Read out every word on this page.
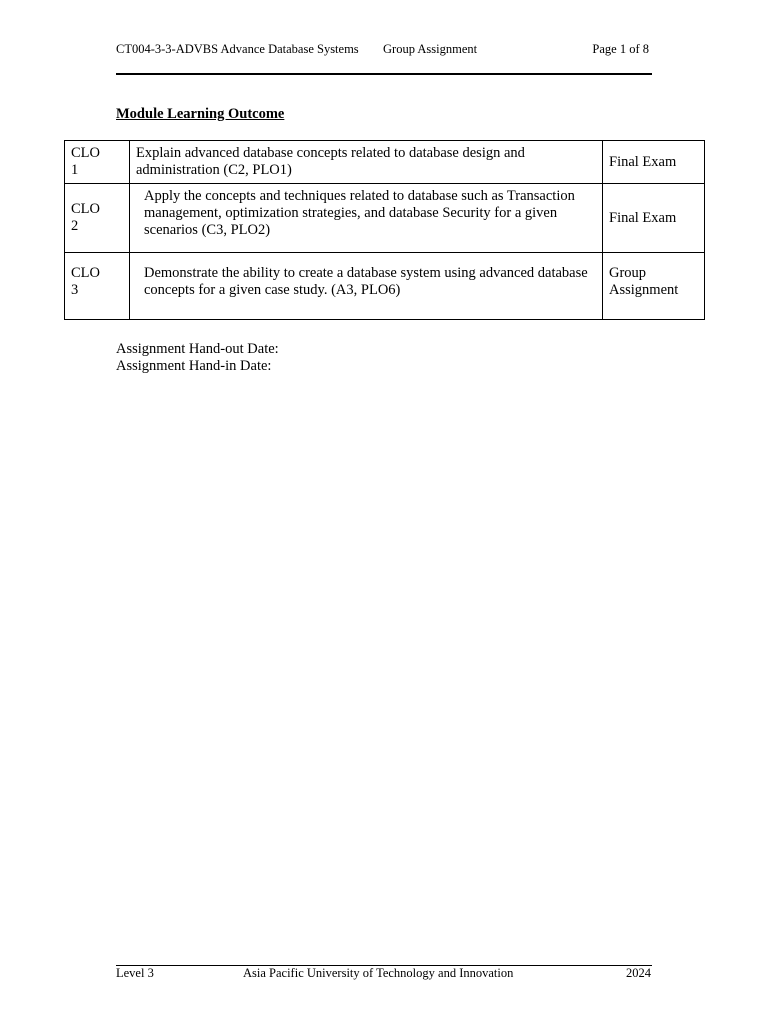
CT004-3-3-ADVBS Advance Database Systems Group Assignment	Page 1 of 8
Module Learning Outcome
CLO
1	Explain advanced database concepts related to database design and administration (C2, PLO1)	Final Exam
CLO
2	Apply the concepts and techniques related to database such as Transaction management, optimization strategies, and database Security for a given scenarios (C3, PLO2)	Final Exam
CLO
3	Demonstrate the ability to create a database system using advanced database concepts for a given case study. (A3, PLO6)	Group Assignment
Assignment Hand-out Date:
Assignment Hand-in Date:
Level 3	Asia Pacific University of Technology and Innovation	2024
